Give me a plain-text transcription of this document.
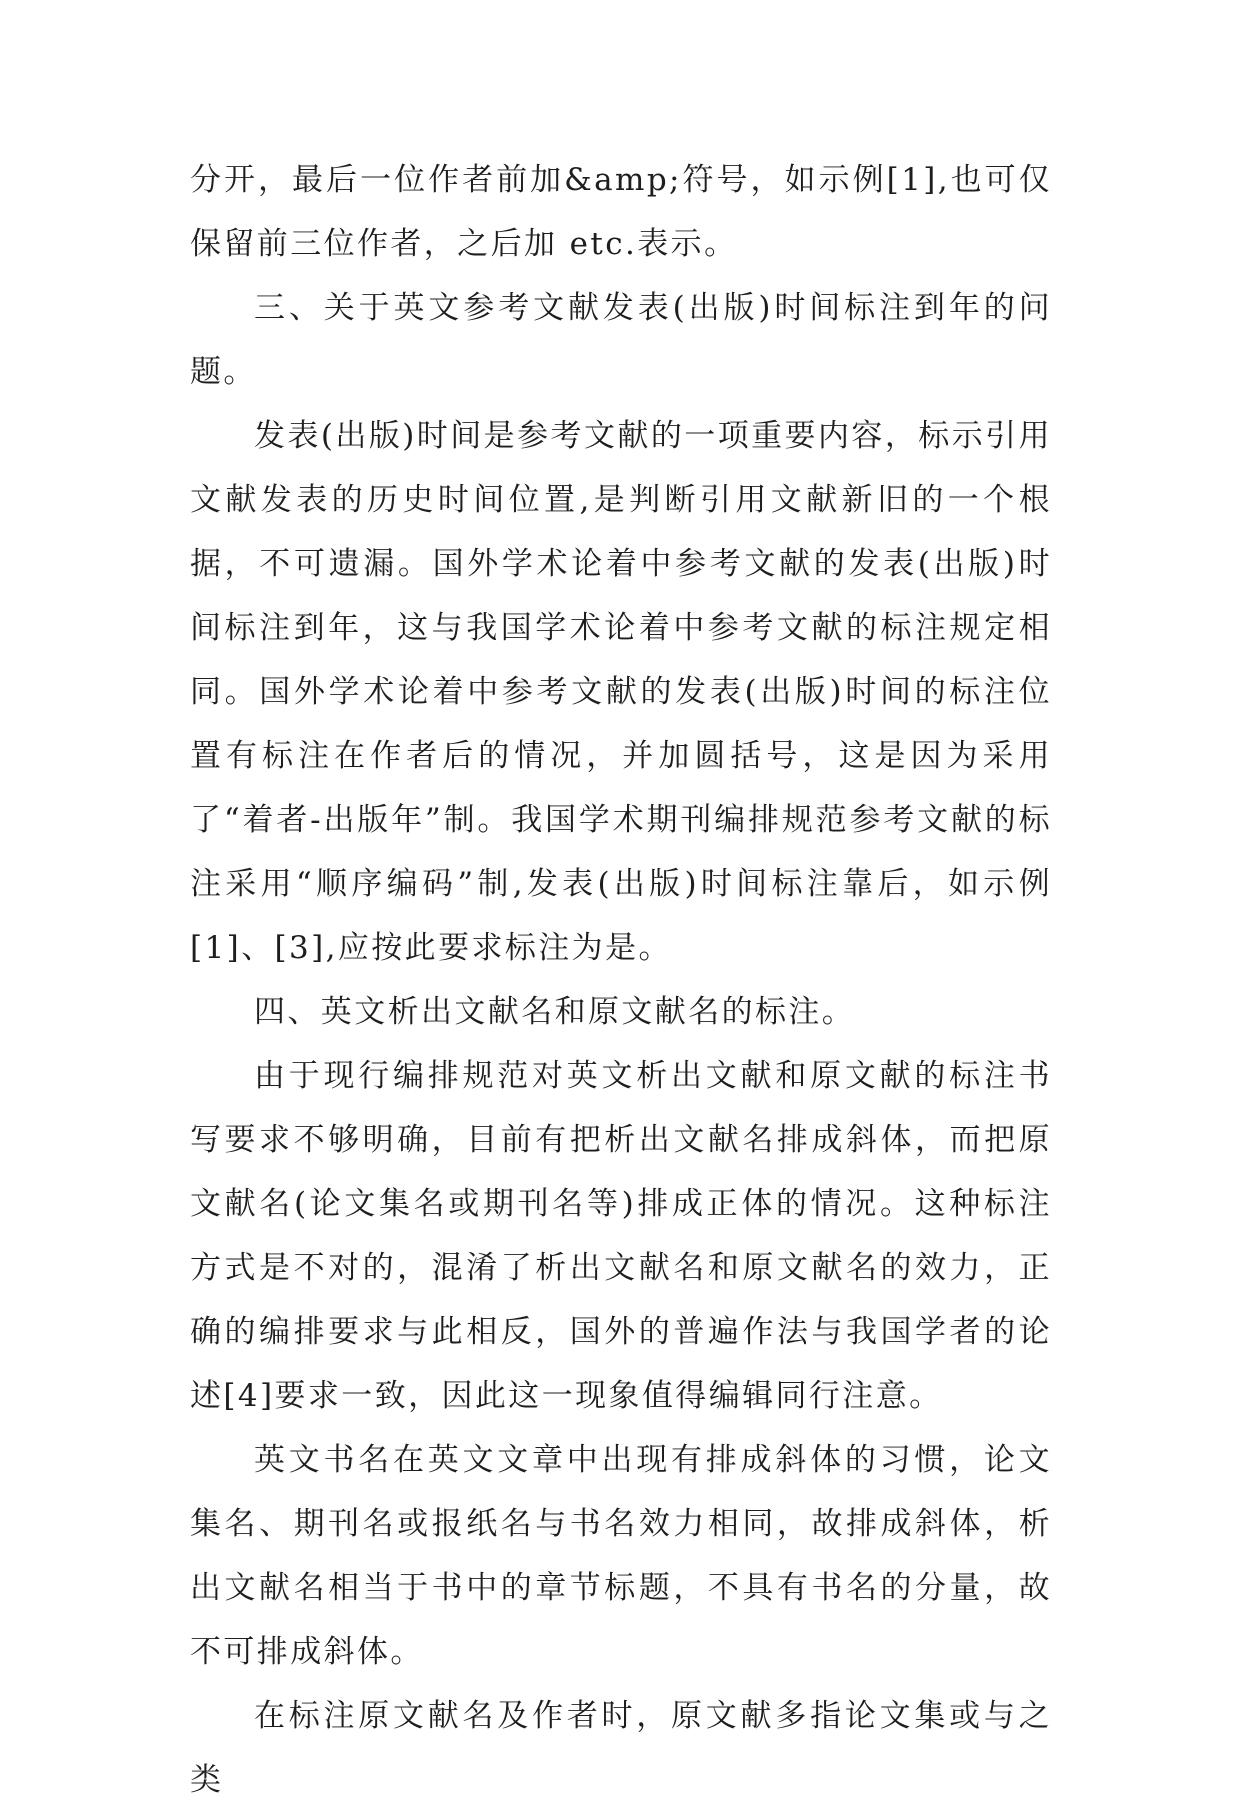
分开，最后一位作者前加&amp;符号，如示例[1],也可仅保留前三位作者，之后加 etc.表示。

三、关于英文参考文献发表(出版)时间标注到年的问题。

发表(出版)时间是参考文献的一项重要内容，标示引用文献发表的历史时间位置,是判断引用文献新旧的一个根据，不可遗漏。国外学术论着中参考文献的发表(出版)时间标注到年，这与我国学术论着中参考文献的标注规定相同。国外学术论着中参考文献的发表(出版)时间的标注位置有标注在作者后的情况，并加圆括号，这是因为采用了“着者-出版年”制。我国学术期刊编排规范参考文献的标注采用“顺序编码”制,发表(出版)时间标注靠后，如示例[1]、[3],应按此要求标注为是。

四、英文析出文献名和原文献名的标注。

由于现行编排规范对英文析出文献和原文献的标注书写要求不够明确，目前有把析出文献名排成斜体，而把原文献名(论文集名或期刊名等)排成正体的情况。这种标注方式是不对的，混淆了析出文献名和原文献名的效力，正确的编排要求与此相反，国外的普遍作法与我国学者的论述[4]要求一致，因此这一现象值得编辑同行注意。

英文书名在英文文章中出现有排成斜体的习惯，论文集名、期刊名或报纸名与书名效力相同，故排成斜体，析出文献名相当于书中的章节标题，不具有书名的分量，故不可排成斜体。

在标注原文献名及作者时，原文献多指论文集或与之类
